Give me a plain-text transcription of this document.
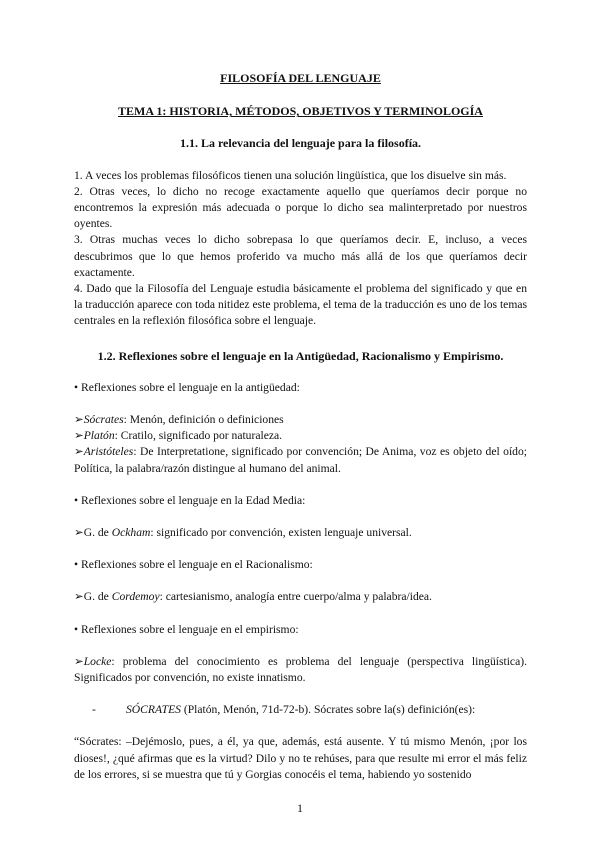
FILOSOFÍA DEL LENGUAJE
TEMA 1: HISTORIA, MÉTODOS, OBJETIVOS Y TERMINOLOGÍA
1.1. La relevancia del lenguaje para la filosofía.

1. A veces los problemas filosóficos tienen una solución lingüística, que los disuelve sin más.

2. Otras veces, lo dicho no recoge exactamente aquello que queríamos decir porque no encontremos la expresión más adecuada o porque lo dicho sea malinterpretado por nuestros oyentes.

3. Otras muchas veces lo dicho sobrepasa lo que queríamos decir. E, incluso, a veces descubrimos que lo que hemos proferido va mucho más allá de los que queríamos decir exactamente.

4. Dado que la Filosofía del Lenguaje estudia básicamente el problema del significado y que en la traducción aparece con toda nitidez este problema, el tema de la traducción es uno de los temas centrales en la reflexión filosófica sobre el lenguaje.

1.2. Reflexiones sobre el lenguaje en la Antigüedad, Racionalismo y Empirismo.

• Reflexiones sobre el lenguaje en la antigüedad:

➢Sócrates: Menón, definición o definiciones

➢Platón: Cratilo, significado por naturaleza.

➢Aristóteles: De Interpretatione, significado por convención; De Anima, voz es objeto del oído; Política, la palabra/razón distingue al humano del animal.

• Reflexiones sobre el lenguaje en la Edad Media:

➢G. de Ockham: significado por convención, existen lenguaje universal.

• Reflexiones sobre el lenguaje en el Racionalismo:

➢G. de Cordemoy: cartesianismo, analogía entre cuerpo/alma y palabra/idea.

• Reflexiones sobre el lenguaje en el empirismo:

➢Locke: problema del conocimiento es problema del lenguaje (perspectiva lingüística). Significados por convención, no existe innatismo.

-	SÓCRATES (Platón, Menón, 71d-72-b). Sócrates sobre la(s) definición(es):

“Sócrates: –Dejémoslo, pues, a él, ya que, además, está ausente. Y tú mismo Menón, ¡por los dioses!, ¿qué afirmas que es la virtud? Dilo y no te rehúses, para que resulte mi error el más feliz de los errores, si se muestra que tú y Gorgias conocéis el tema, habiendo yo sostenido

1
